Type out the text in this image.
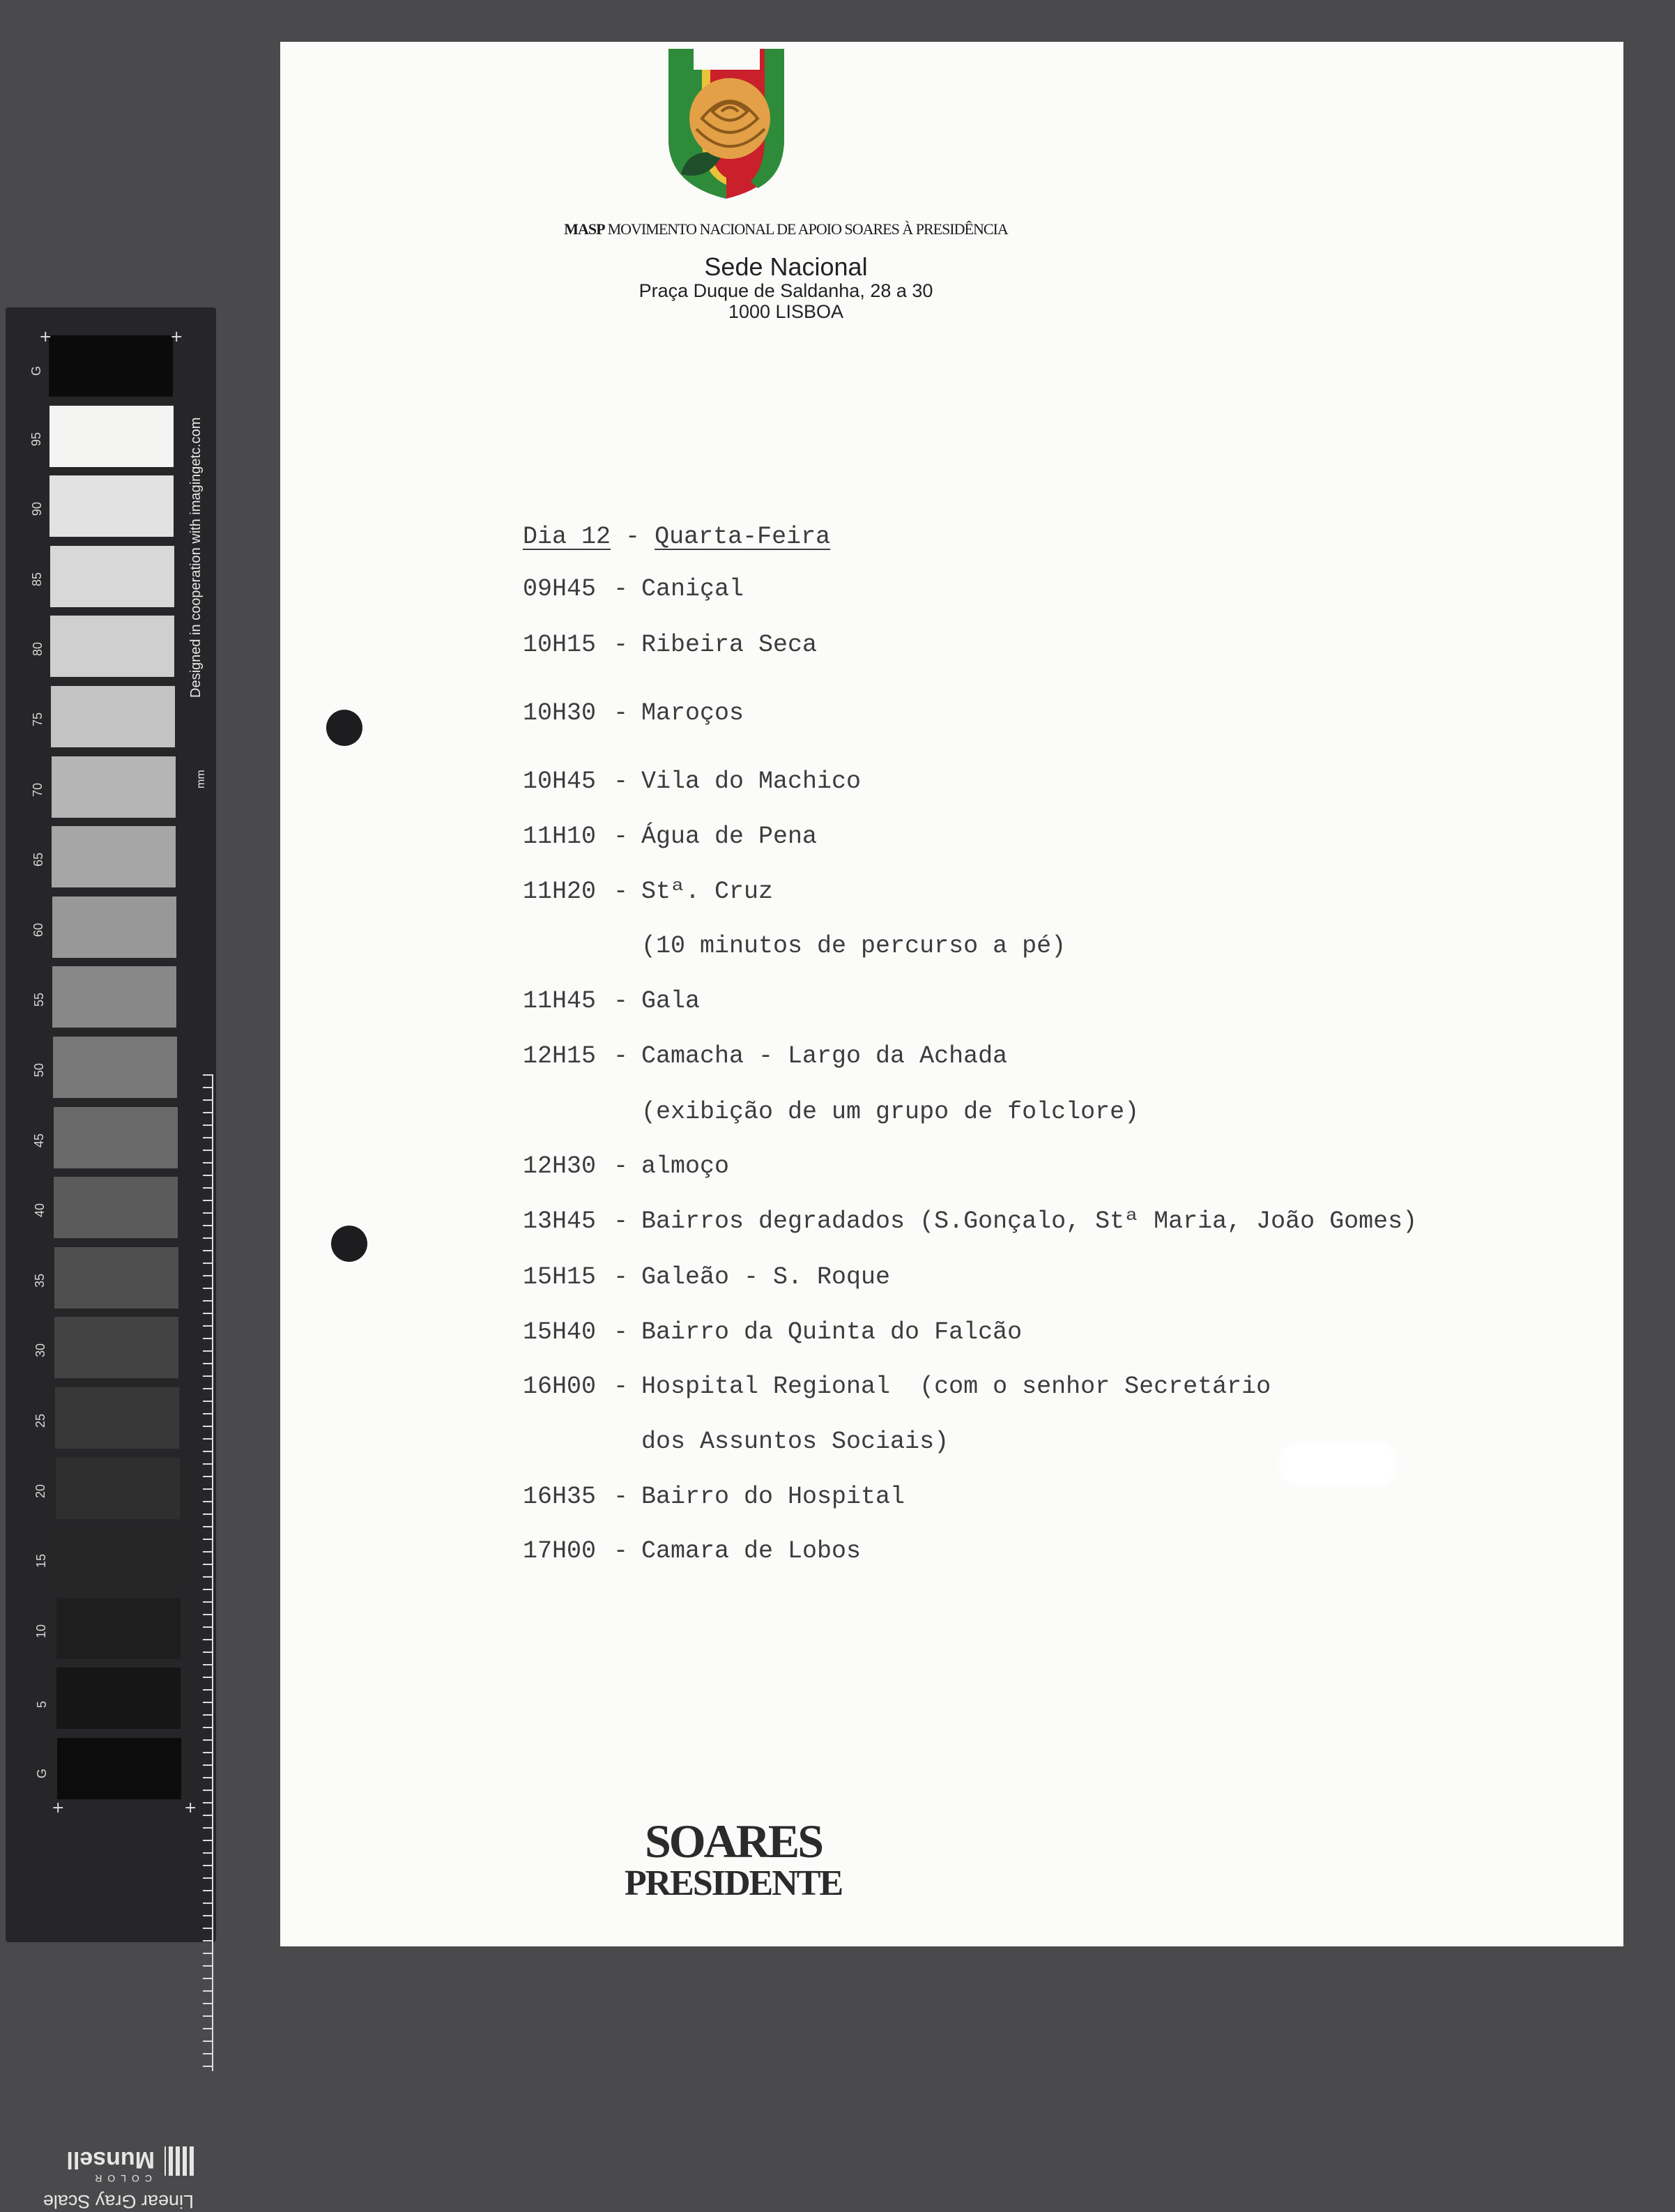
G
95
90
85
80
75
70
65
60
55
50
45
40
35
30
25
20
15
10
5
G
+	+
+	+
Designed in cooperation with imagingetc.com
mm
Linear Gray Scale
COLOR
Munsell
MASP MOVIMENTO NACIONAL DE APOIO SOARES À PRESIDÊNCIA
Sede Nacional
Praça Duque de Saldanha, 28 a 30
1000 LISBOA
Dia 12 - Quarta-Feira
09H45 - Caniçal
10H15 - Ribeira Seca
10H30 - Maroços
10H45 - Vila do Machico
11H10 - Água de Pena
11H20 - Stª. Cruz
(10 minutos de percurso a pé)
11H45 - Gala
12H15 - Camacha - Largo da Achada
(exibição de um grupo de folclore)
12H30 - almoço
13H45 - Bairros degradados (S.Gonçalo, Stª Maria, João Gomes)
15H15 - Galeão - S. Roque
15H40 - Bairro da Quinta do Falcão
16H00 - Hospital Regional  (com o senhor Secretário
dos Assuntos Sociais)
16H35 - Bairro do Hospital
17H00 - Camara de Lobos
SOARES
PRESIDENTE
